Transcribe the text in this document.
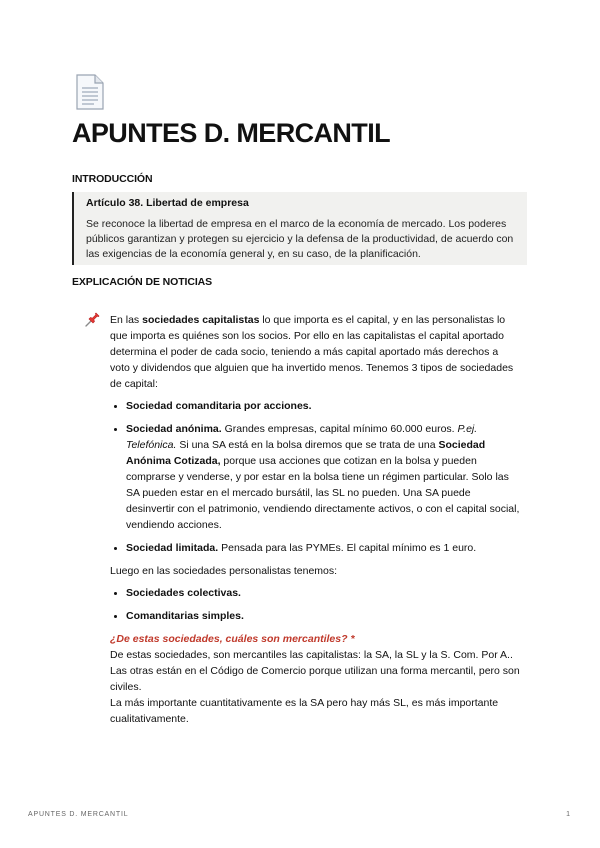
APUNTES D. MERCANTIL
INTRODUCCIÓN

Artículo 38. Libertad de empresa

Se reconoce la libertad de empresa en el marco de la economía de mercado. Los poderes públicos garantizan y protegen su ejercicio y la defensa de la productividad, de acuerdo con las exigencias de la economía general y, en su caso, de la planificación.

EXPLICACIÓN DE NOTICIAS

En las sociedades capitalistas lo que importa es el capital, y en las personalistas lo que importa es quiénes son los socios. Por ello en las capitalistas el capital aportado determina el poder de cada socio, teniendo a más capital aportado más derechos a voto y dividendos que alguien que ha invertido menos. Tenemos 3 tipos de sociedades de capital:

• Sociedad comanditaria por acciones.
• Sociedad anónima. Grandes empresas, capital mínimo 60.000 euros. P.ej. Telefónica. Si una SA está en la bolsa diremos que se trata de una Sociedad Anónima Cotizada, porque usa acciones que cotizan en la bolsa y pueden comprarse y venderse, y por estar en la bolsa tiene un régimen particular. Solo las SA pueden estar en el mercado bursátil, las SL no pueden. Una SA puede desinvertir con el patrimonio, vendiendo directamente activos, o con el capital social, vendiendo acciones.
• Sociedad limitada. Pensada para las PYMEs. El capital mínimo es 1 euro.

Luego en las sociedades personalistas tenemos:

• Sociedades colectivas.
• Comanditarias simples.

¿De estas sociedades, cuáles son mercantiles? *

De estas sociedades, son mercantiles las capitalistas: la SA, la SL y la S. Com. Por A.. Las otras están en el Código de Comercio porque utilizan una forma mercantil, pero son civiles.

La más importante cuantitativamente es la SA pero hay más SL, es más importante cualitativamente.

APUNTES D. MERCANTIL	1
